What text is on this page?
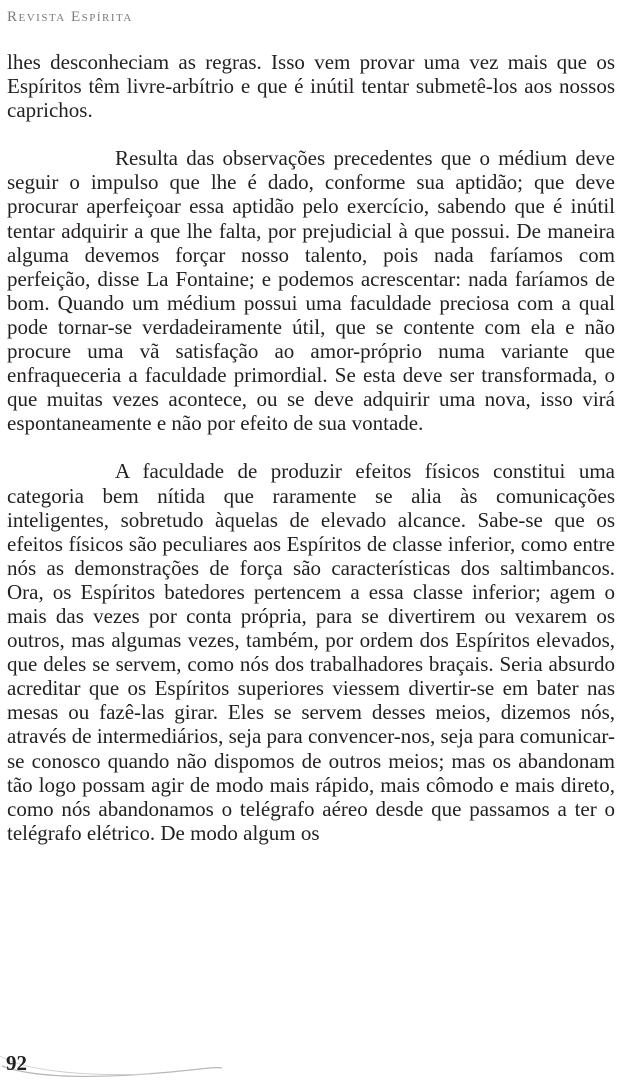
Revista Espírita

lhes desconheciam as regras. Isso vem provar uma vez mais que os Espíritos têm livre-arbítrio e que é inútil tentar submetê-los aos nossos caprichos.

Resulta das observações precedentes que o médium deve seguir o impulso que lhe é dado, conforme sua aptidão; que deve procurar aperfeiçoar essa aptidão pelo exercício, sabendo que é inútil tentar adquirir a que lhe falta, por prejudicial à que possui. De maneira alguma devemos forçar nosso talento, pois nada faríamos com perfeição, disse La Fontaine; e podemos acrescentar: nada faríamos de bom. Quando um médium possui uma faculdade preciosa com a qual pode tornar-se verdadeiramente útil, que se contente com ela e não procure uma vã satisfação ao amor-próprio numa variante que enfraqueceria a faculdade primordial. Se esta deve ser transformada, o que muitas vezes acontece, ou se deve adquirir uma nova, isso virá espontaneamente e não por efeito de sua vontade.

A faculdade de produzir efeitos físicos constitui uma categoria bem nítida que raramente se alia às comunicações inteligentes, sobretudo àquelas de elevado alcance. Sabe-se que os efeitos físicos são peculiares aos Espíritos de classe inferior, como entre nós as demonstrações de força são características dos saltimbancos. Ora, os Espíritos batedores pertencem a essa classe inferior; agem o mais das vezes por conta própria, para se divertirem ou vexarem os outros, mas algumas vezes, também, por ordem dos Espíritos elevados, que deles se servem, como nós dos trabalhadores braçais. Seria absurdo acreditar que os Espíritos superiores viessem divertir-se em bater nas mesas ou fazê-las girar. Eles se servem desses meios, dizemos nós, através de intermediários, seja para convencer-nos, seja para comunicar-se conosco quando não dispomos de outros meios; mas os abandonam tão logo possam agir de modo mais rápido, mais cômodo e mais direto, como nós abandonamos o telégrafo aéreo desde que passamos a ter o telégrafo elétrico. De modo algum os

92
